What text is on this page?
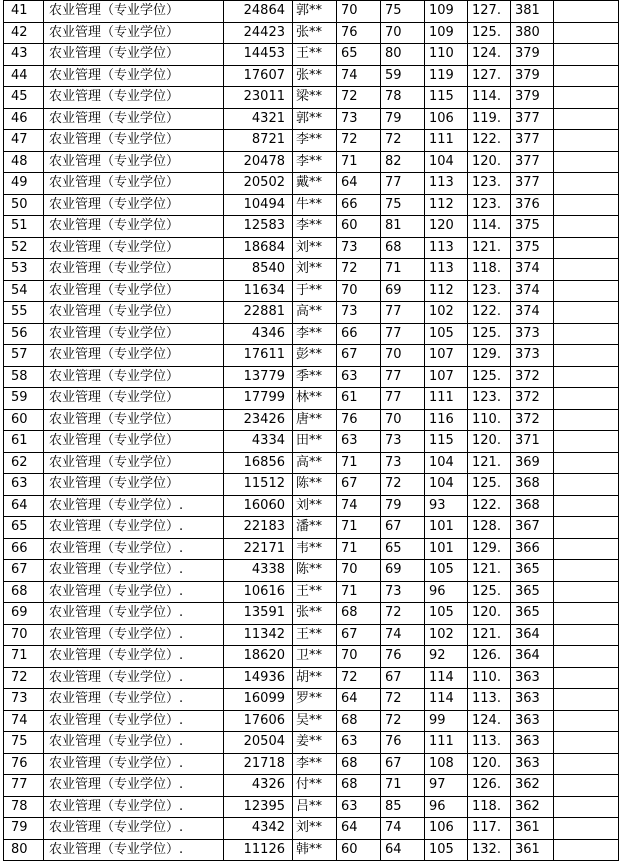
41	农业管理（专业学位）	24864	郭**	70	75	109	127.	381	
42	农业管理（专业学位）	24423	张**	76	70	109	125.	380	
43	农业管理（专业学位）	14453	王**	65	80	110	124.	379	
44	农业管理（专业学位）	17607	张**	74	59	119	127.	379	
45	农业管理（专业学位）	23011	梁**	72	78	115	114.	379	
46	农业管理（专业学位）	4321	郭**	73	79	106	119.	377	
47	农业管理（专业学位）	8721	李**	72	72	111	122.	377	
48	农业管理（专业学位）	20478	李**	71	82	104	120.	377	
49	农业管理（专业学位）	20502	戴**	64	77	113	123.	377	
50	农业管理（专业学位）	10494	牛**	66	75	112	123.	376	
51	农业管理（专业学位）	12583	李**	60	81	120	114.	375	
52	农业管理（专业学位）	18684	刘**	73	68	113	121.	375	
53	农业管理（专业学位）	8540	刘**	72	71	113	118.	374	
54	农业管理（专业学位）	11634	于**	70	69	112	123.	374	
55	农业管理（专业学位）	22881	高**	73	77	102	122.	374	
56	农业管理（专业学位）	4346	李**	66	77	105	125.	373	
57	农业管理（专业学位）	17611	彭**	67	70	107	129.	373	
58	农业管理（专业学位）	13779	季**	63	77	107	125.	372	
59	农业管理（专业学位）	17799	林**	61	77	111	123.	372	
60	农业管理（专业学位）	23426	唐**	76	70	116	110.	372	
61	农业管理（专业学位）	4334	田**	63	73	115	120.	371	
62	农业管理（专业学位）	16856	高**	71	73	104	121.	369	
63	农业管理（专业学位）	11512	陈**	67	72	104	125.	368	
64	农业管理（专业学位）.	16060	刘**	74	79	93	122.	368	
65	农业管理（专业学位）.	22183	潘**	71	67	101	128.	367	
66	农业管理（专业学位）.	22171	韦**	71	65	101	129.	366	
67	农业管理（专业学位）.	4338	陈**	70	69	105	121.	365	
68	农业管理（专业学位）.	10616	王**	71	73	96	125.	365	
69	农业管理（专业学位）.	13591	张**	68	72	105	120.	365	
70	农业管理（专业学位）.	11342	王**	67	74	102	121.	364	
71	农业管理（专业学位）.	18620	卫**	70	76	92	126.	364	
72	农业管理（专业学位）.	14936	胡**	72	67	114	110.	363	
73	农业管理（专业学位）.	16099	罗**	64	72	114	113.	363	
74	农业管理（专业学位）.	17606	吴**	68	72	99	124.	363	
75	农业管理（专业学位）.	20504	姜**	63	76	111	113.	363	
76	农业管理（专业学位）.	21718	李**	68	67	108	120.	363	
77	农业管理（专业学位）.	4326	付**	68	71	97	126.	362	
78	农业管理（专业学位）.	12395	吕**	63	85	96	118.	362	
79	农业管理（专业学位）.	4342	刘**	64	74	106	117.	361	
80	农业管理（专业学位）.	11126	韩**	60	64	105	132.	361	
